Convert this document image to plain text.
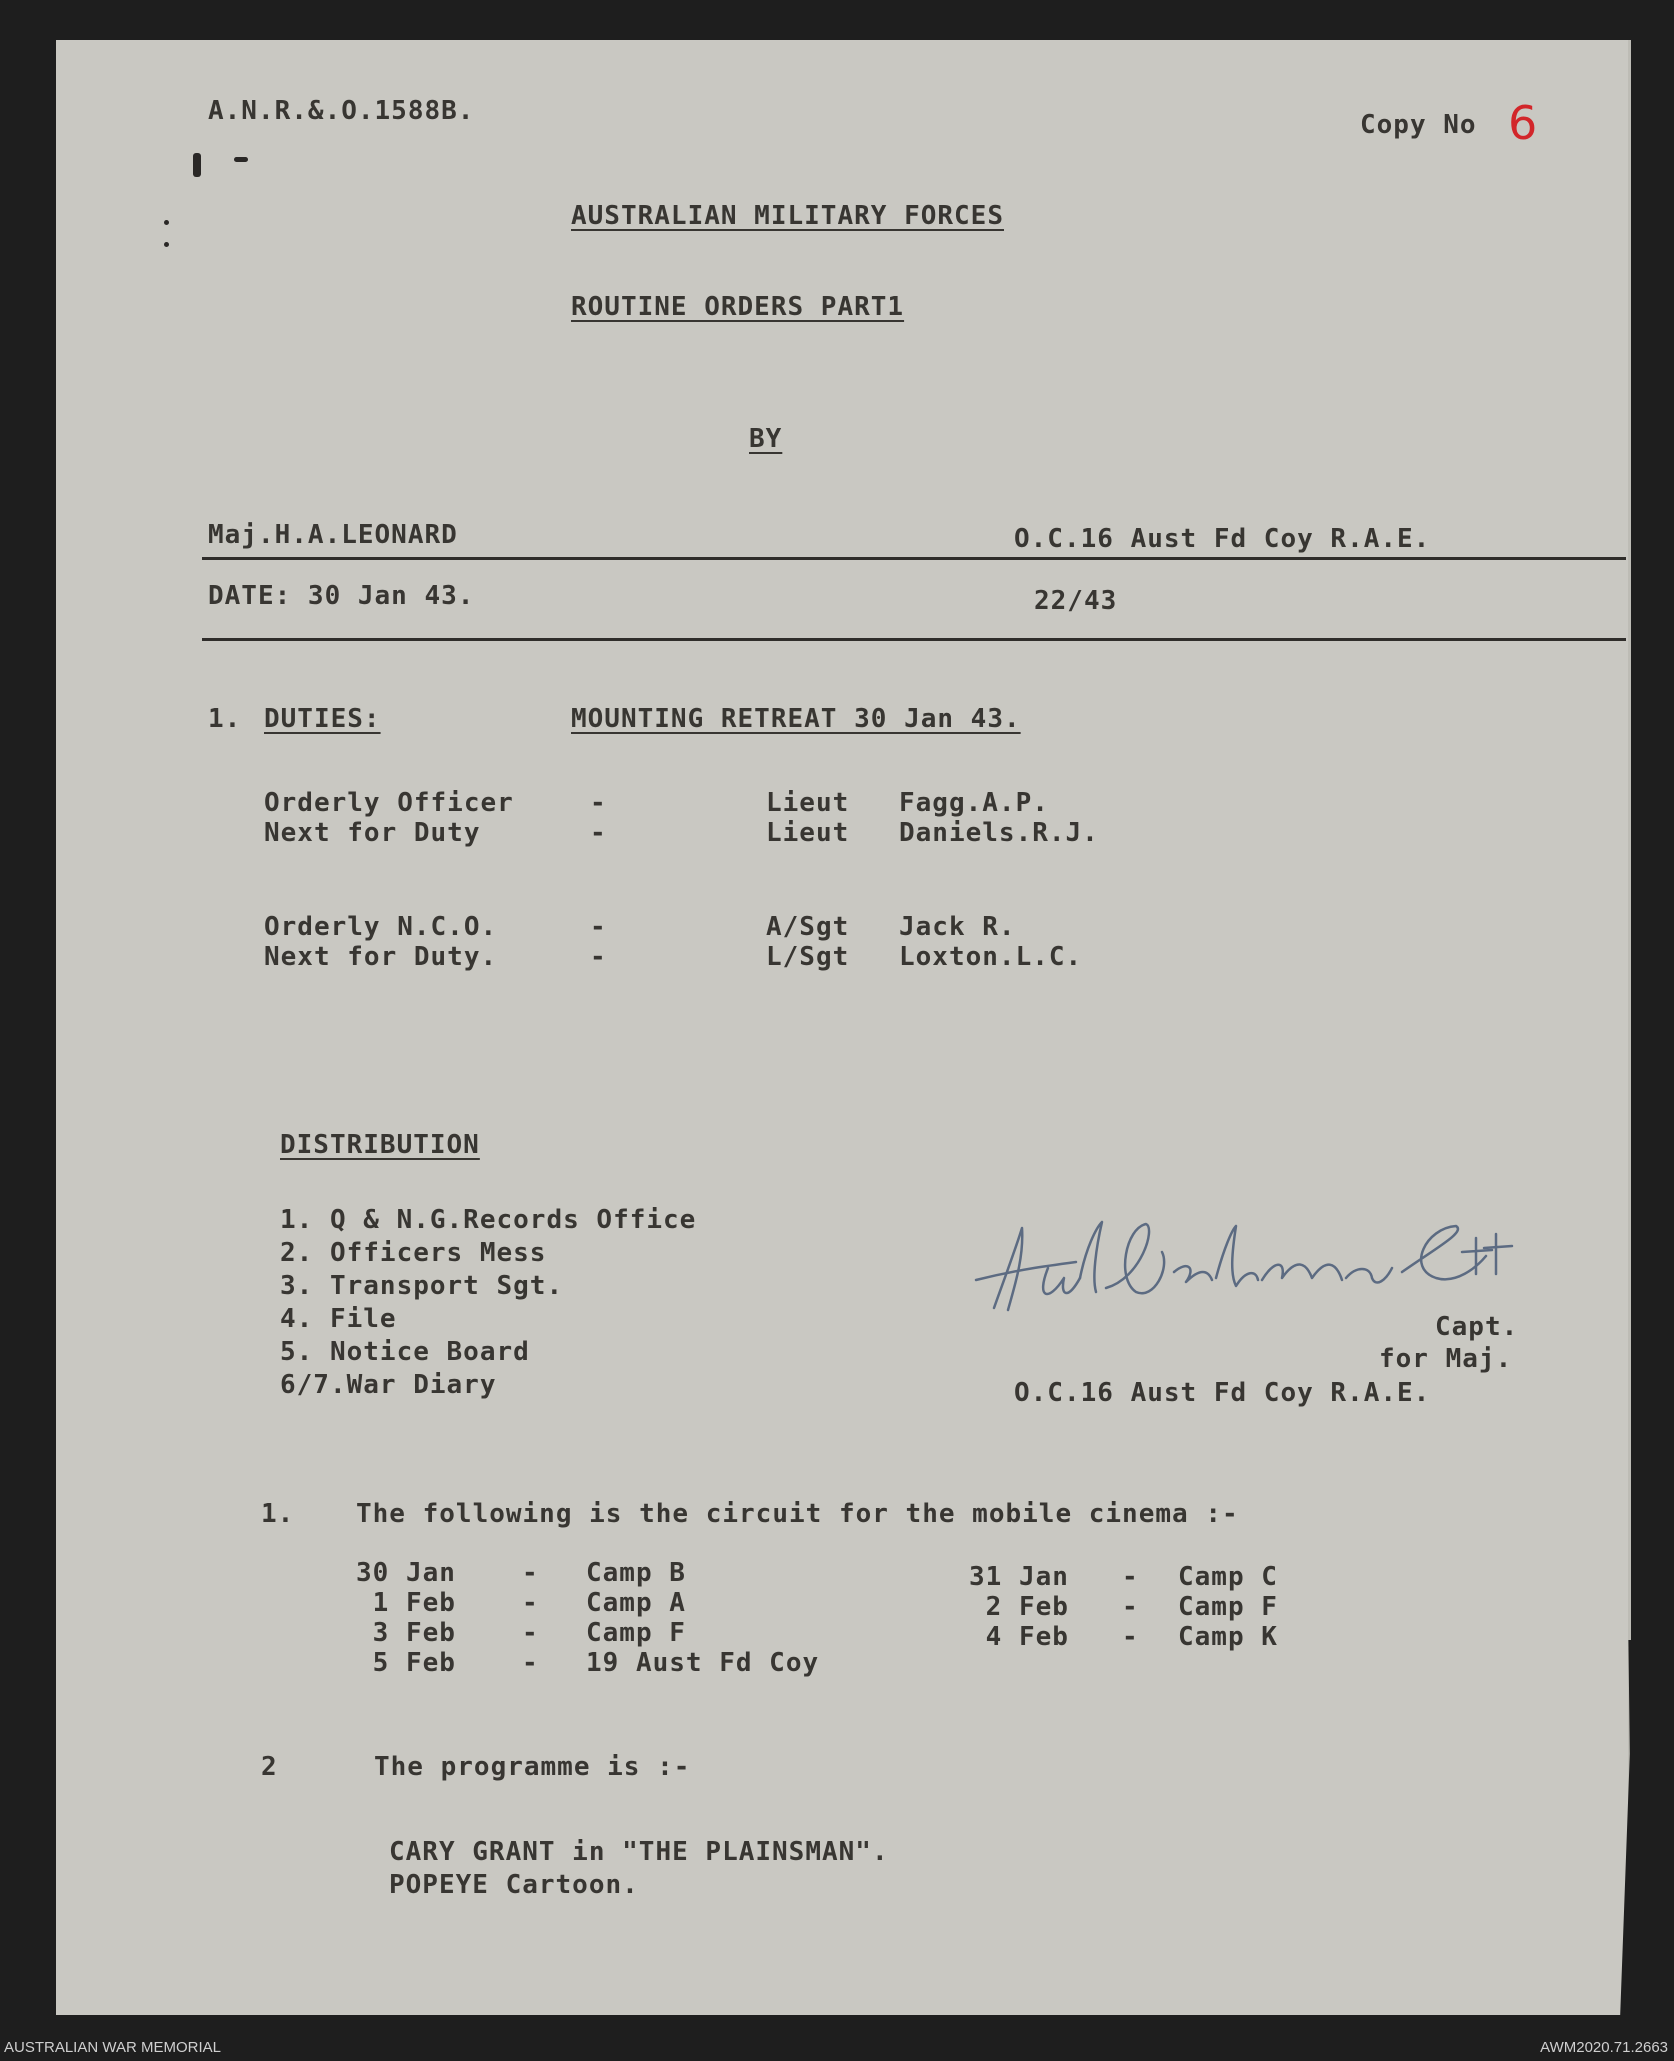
A.N.R.&.O.1588B.	Copy No 6
AUSTRALIAN MILITARY FORCES
ROUTINE ORDERS PART1
BY
Maj.H.A.LEONARD	O.C.16 Aust Fd Coy R.A.E.
DATE: 30 Jan 43.	22/43
1. DUTIES:	MOUNTING RETREAT 30 Jan 43.
Orderly Officer	-	Lieut Fagg.A.P.
Next for Duty	-	Lieut Daniels.R.J.
Orderly N.C.O.	-	A/Sgt Jack R.
Next for Duty.	-	L/Sgt Loxton.L.C.
DISTRIBUTION
1. Q & N.G.Records Office
2. Officers Mess
3. Transport Sgt.
4. File
5. Notice Board
6/7.War Diary
Capt.
for Maj.
O.C.16 Aust Fd Coy R.A.E.
1. The following is the circuit for the mobile cinema :-
30 Jan	- Camp B
1 Feb	- Camp A
3 Feb	- Camp F
5 Feb	- 19 Aust Fd Coy
31 Jan - Camp C
2 Feb - Camp F
4 Feb - Camp K
2	The programme is :-
CARY GRANT in "THE PLAINSMAN".
POPEYE Cartoon.
AUSTRALIAN WAR MEMORIAL	AWM2020.71.2663
